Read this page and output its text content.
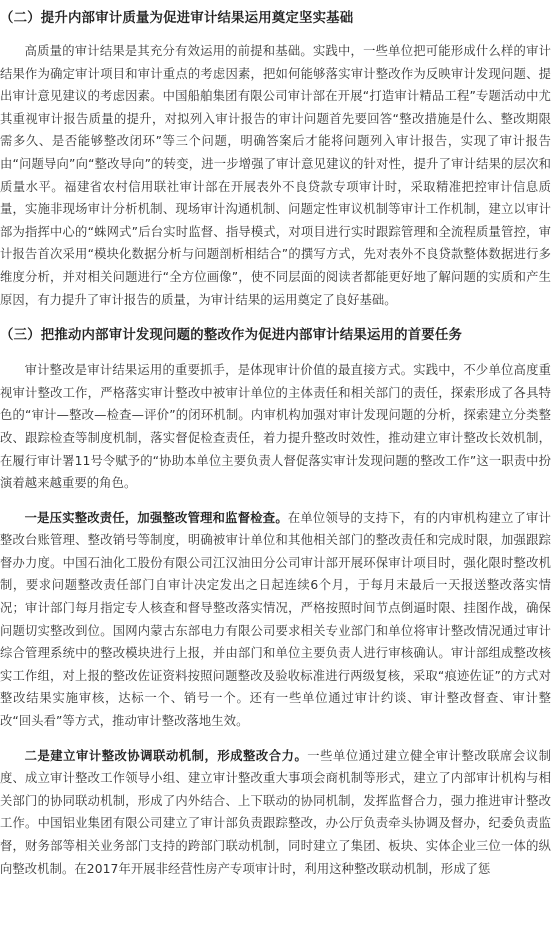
（二）提升内部审计质量为促进审计结果运用奠定坚实基础

高质量的审计结果是其充分有效运用的前提和基础。实践中，一些单位把可能形成什么样的审计结果作为确定审计项目和审计重点的考虑因素，把如何能够落实审计整改作为反映审计发现问题、提出审计意见建议的考虑因素。中国船舶集团有限公司审计部在开展“打造审计精品工程”专题活动中尤其重视审计报告质量的提升，对拟列入审计报告的审计问题首先要回答“整改措施是什么、整改期限需多久、是否能够整改闭环”等三个问题，明确答案后才能将问题列入审计报告，实现了审计报告由“问题导向”向“整改导向”的转变，进一步增强了审计意见建议的针对性，提升了审计结果的层次和质量水平。福建省农村信用联社审计部在开展表外不良贷款专项审计时，采取精准把控审计信息质量，实施非现场审计分析机制、现场审计沟通机制、问题定性审议机制等审计工作机制，建立以审计部为指挥中心的“蛛网式”后台实时监督、指导模式，对项目进行实时跟踪管理和全流程质量管控，审计报告首次采用“模块化数据分析与问题剖析相结合”的撰写方式，先对表外不良贷款整体数据进行多维度分析，并对相关问题进行“全方位画像”，使不同层面的阅读者都能更好地了解问题的实质和产生原因，有力提升了审计报告的质量，为审计结果的运用奠定了良好基础。

（三）把推动内部审计发现问题的整改作为促进内部审计结果运用的首要任务

审计整改是审计结果运用的重要抓手，是体现审计价值的最直接方式。实践中，不少单位高度重视审计整改工作，严格落实审计整改中被审计单位的主体责任和相关部门的责任，探索形成了各具特色的“审计—整改—检查—评价”的闭环机制。内审机构加强对审计发现问题的分析，探索建立分类整改、跟踪检查等制度机制，落实督促检查责任，着力提升整改时效性，推动建立审计整改长效机制，在履行审计署11号令赋予的“协助本单位主要负责人督促落实审计发现问题的整改工作”这一职责中扮演着越来越重要的角色。

一是压实整改责任，加强整改管理和监督检查。在单位领导的支持下，有的内审机构建立了审计整改台账管理、整改销号等制度，明确被审计单位和其他相关部门的整改责任和完成时限，加强跟踪督办力度。中国石油化工股份有限公司江汉油田分公司审计部开展环保审计项目时，强化限时整改机制，要求问题整改责任部门自审计决定发出之日起连续6个月，于每月末最后一天报送整改落实情况；审计部门每月指定专人核查和督导整改落实情况，严格按照时间节点倒逼时限、挂图作战，确保问题切实整改到位。国网内蒙古东部电力有限公司要求相关专业部门和单位将审计整改情况通过审计综合管理系统中的整改模块进行上报，并由部门和单位主要负责人进行审核确认。审计部组成整改核实工作组，对上报的整改佐证资料按照问题整改及验收标准进行两级复核，采取“痕迹佐证”的方式对整改结果实施审核，达标一个、销号一个。还有一些单位通过审计约谈、审计整改督查、审计整改“回头看”等方式，推动审计整改落地生效。

二是建立审计整改协调联动机制，形成整改合力。一些单位通过建立健全审计整改联席会议制度、成立审计整改工作领导小组、建立审计整改重大事项会商机制等形式，建立了内部审计机构与相关部门的协同联动机制，形成了内外结合、上下联动的协同机制，发挥监督合力，强力推进审计整改工作。中国铝业集团有限公司建立了审计部负责跟踪整改，办公厅负责牵头协调及督办，纪委负责监督，财务部等相关业务部门支持的跨部门联动机制，同时建立了集团、板块、实体企业三位一体的纵向整改机制。在2017年开展非经营性房产专项审计时，利用这种整改联动机制，形成了惩
